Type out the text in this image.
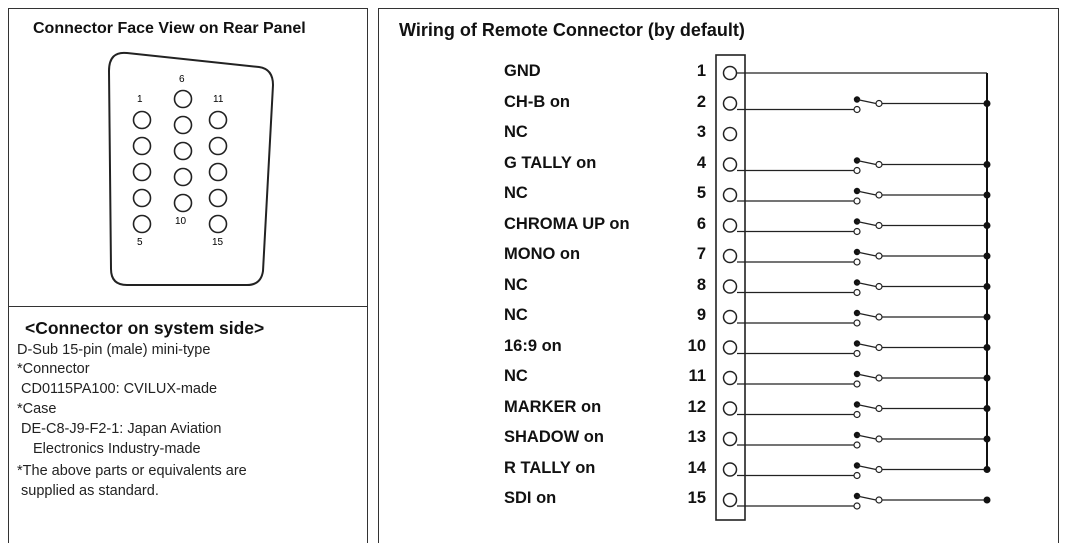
Connector Face View on Rear Panel
1
6
11
5
10
15
<Connector on system side>
D-Sub 15-pin (male) mini-type
*Connector
CD0115PA100: CVILUX-made
*Case
DE-C8-J9-F2-1: Japan Aviation
Electronics Industry-made
*The above parts or equivalents are
supplied as standard.
Wiring of Remote Connector (by default)
GND	1
CH-B on	2
NC	3
G TALLY on	4
NC	5
CHROMA UP on	6
MONO on	7
NC	8
NC	9
16:9 on	10
NC	11
MARKER on	12
SHADOW on	13
R TALLY on	14
SDI on	15
